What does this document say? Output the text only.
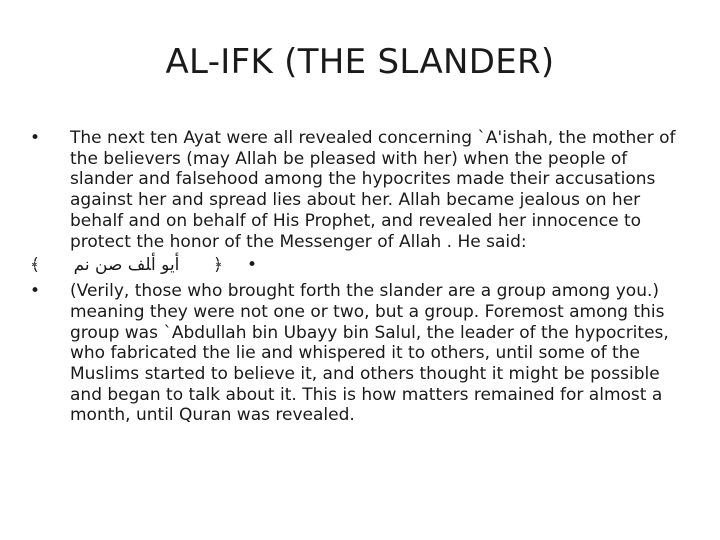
AL-IFK (THE SLANDER)
• The next ten Ayat were all revealed concerning `A'ishah, the mother of the believers (may Allah be pleased with her) when the people of slander and falsehood among the hypocrites made their accusations against her and spread lies about her. Allah became jealous on her behalf and on behalf of His Prophet, and revealed her innocence to protect the honor of the Messenger of Allah . He said:
﴾	ﺃﻳﻮ ﺃﻠﻒ ﺻﻦ ﻧﻢ	﴿ •
• (Verily, those who brought forth the slander are a group among you.) meaning they were not one or two, but a group. Foremost among this group was `Abdullah bin Ubayy bin Salul, the leader of the hypocrites, who fabricated the lie and whispered it to others, until some of the Muslims started to believe it, and others thought it might be possible and began to talk about it. This is how matters remained for almost a month, until Quran was revealed.
